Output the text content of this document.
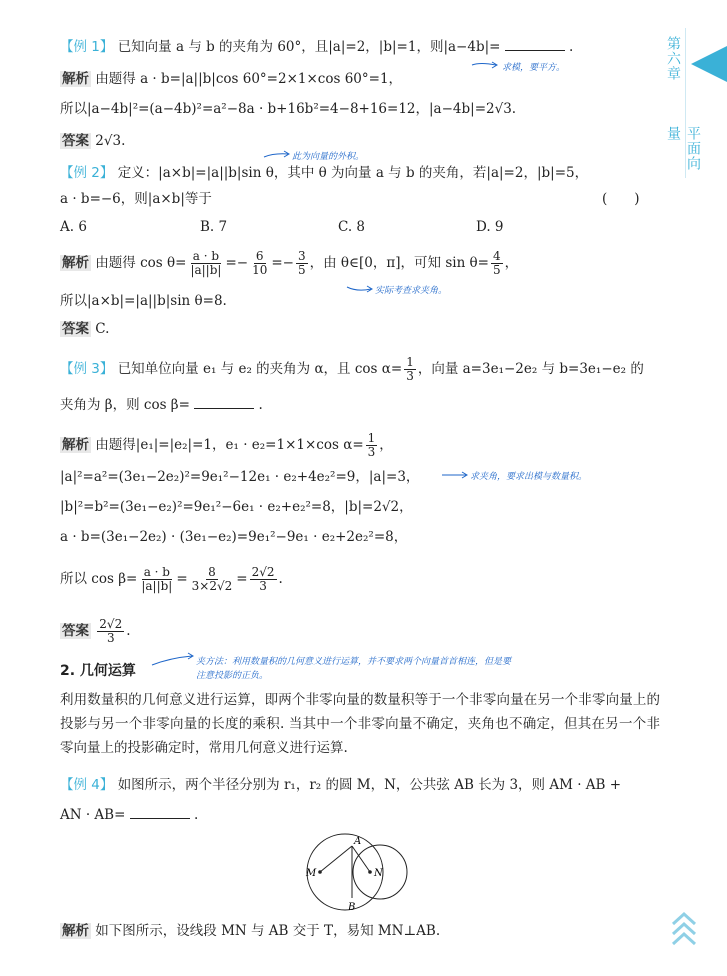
第六章
平面向量
【例 1】 已知向量 a 与 b 的夹角为 60°，且|a|=2，|b|=1，则|a−4b|=	.
求模，要平方。
解析 由题得 a · b=|a||b|cos 60°=2×1×cos 60°=1，
所以|a−4b|²=(a−4b)²=a²−8a · b+16b²=4−8+16=12，|a−4b|=2√3.
答案 2√3.
此为向量的外积。
【例 2】 定义：|a×b|=|a||b|sin θ，其中 θ 为向量 a 与 b 的夹角，若|a|=2，|b|=5，
a · b=−6，则|a×b|等于	(　　)
A. 6	B. 7	C. 8	D. 9
解析 由题得 $\cos \theta= \frac{a \cdot b}{|a||b|} =- \frac{6}{10} =- \frac{3}{5}$ ，由 θ∈[0，π]，可知 $\sin \theta= \frac{4}{5}$ ，
实际考查求夹角。
所以|a×b|=|a||b|sin θ=8.
答案 C.
【例 3】 已知单位向量 e₁ 与 e₂ 的夹角为 α，且 $\cos \alpha= \frac{1}{3}$ ，向量 a=3e₁−2e₂ 与 b=3e₁−e₂ 的
夹角为 β，则 cos β=	.
解析 由题得|e₁|=|e₂|=1，e₁ · e₂=1×1×cos $\alpha= \frac{1}{3}$ ，
|a|²=a²=(3e₁−2e₂)²=9e₁²−12e₁ · e₂+4e₂²=9，|a|=3，	求夹角，要求出模与数量积。
|b|²=b²=(3e₁−e₂)²=9e₁²−6e₁ · e₂+e₂²=8，|b|=2√2，
a · b=(3e₁−2e₂) · (3e₁−e₂)=9e₁²−9e₁ · e₂+2e₂²=8，
所以 $\cos \beta= \frac{a \cdot b}{|a||b|} = \frac{8}{3\times 2√2} = \frac{2√2}{3}$ .
答案 $\frac{2√2}{3}$ .
2. 几何运算
夹方法：利用数量积的几何意义进行运算，并不要求两个向量首首相连，但是要
注意投影的正负。
利用数量积的几何意义进行运算，即两个非零向量的数量积等于一个非零向量在另一个非零向量上的投影与另一个非零向量的长度的乘积. 当其中一个非零向量不确定，夹角也不确定，但其在另一个非零向量上的投影确定时，常用几何意义进行运算.
【例 4】 如图所示，两个半径分别为 r₁，r₂ 的圆 M，N，公共弦 AB 长为 3，则 AM · AB +
AN · AB=	.
A
B
M	N
解析 如下图所示，设线段 MN 与 AB 交于 T，易知 MN⊥AB.
